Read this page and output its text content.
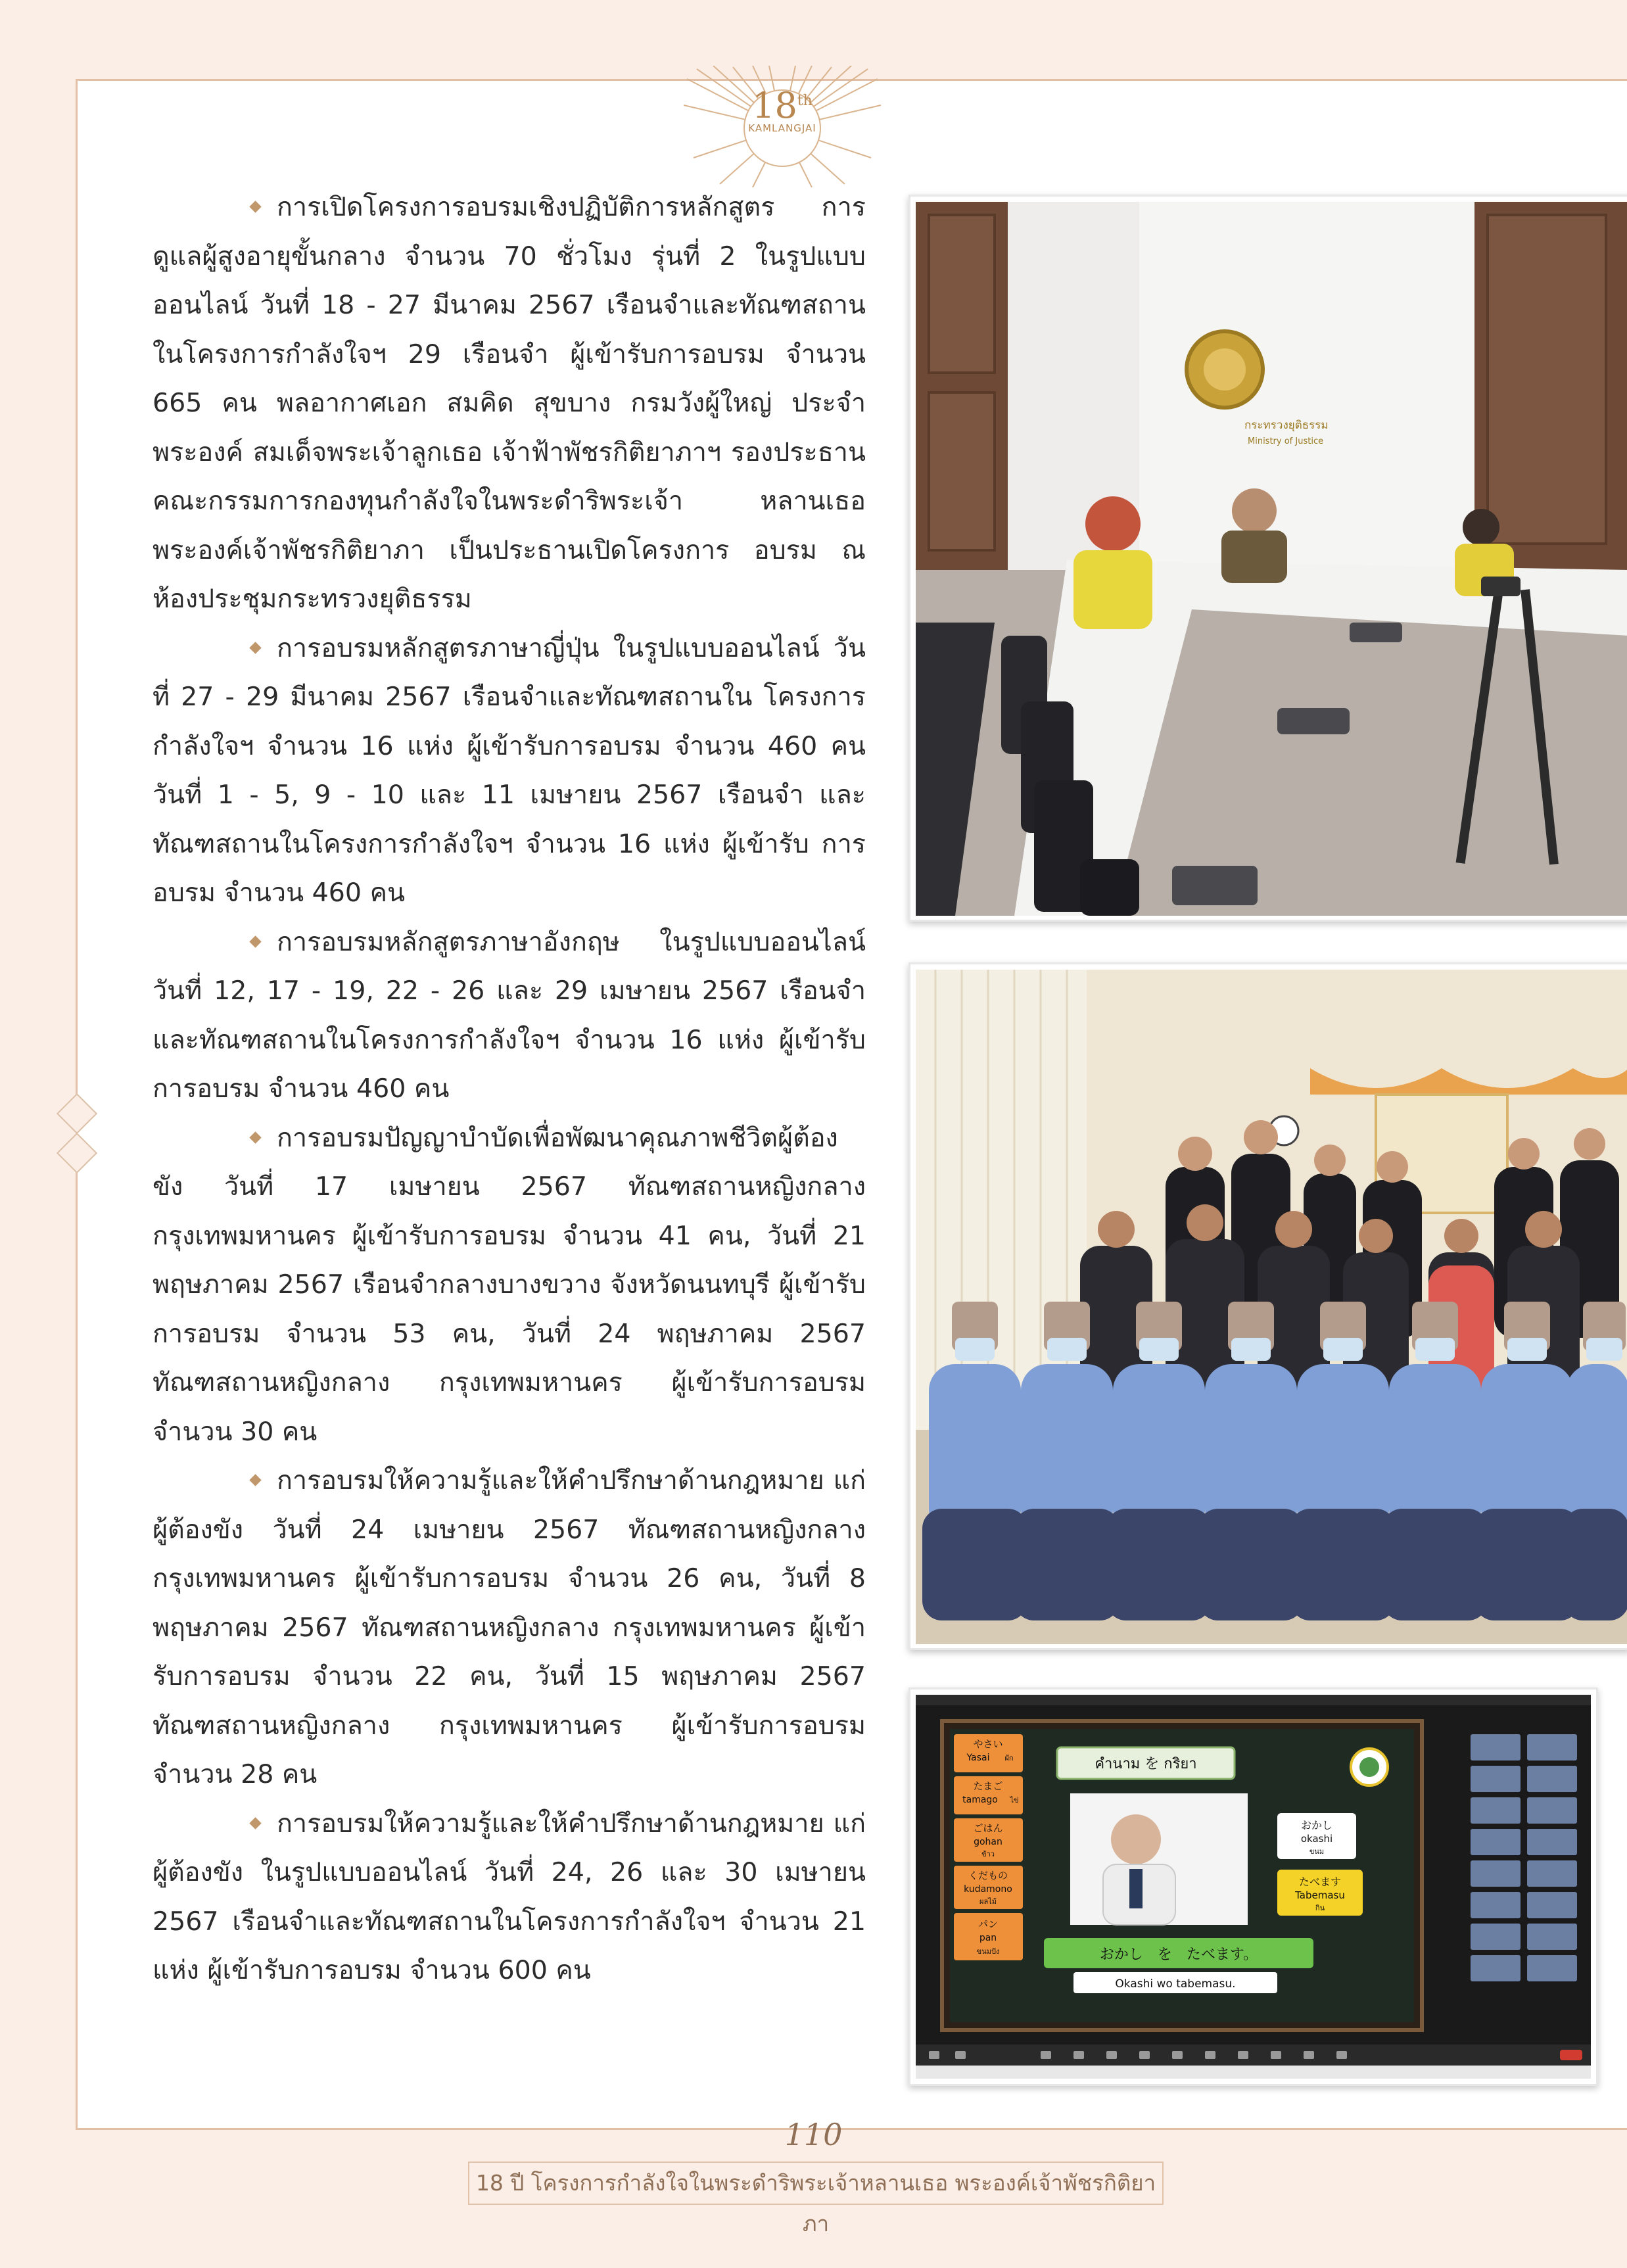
18th
KAMLANGJAI

การเปิดโครงการอบรมเชิงปฏิบัติการหลักสูตร การดูแลผู้สูงอายุขั้นกลาง จำนวน 70 ชั่วโมง รุ่นที่ 2 ในรูปแบบ ออนไลน์ วันที่ 18 - 27 มีนาคม 2567 เรือนจำและทัณฑสถาน ในโครงการกำลังใจฯ 29 เรือนจำ ผู้เข้ารับการอบรม จำนวน 665 คน พลอากาศเอก สมคิด สุขบาง กรมวังผู้ใหญ่ ประจำพระองค์ สมเด็จพระเจ้าลูกเธอ เจ้าฟ้าพัชรกิติยาภาฯ รองประธานคณะกรรมการกองทุนกำลังใจในพระดำริพระเจ้า หลานเธอ พระองค์เจ้าพัชรกิติยาภา เป็นประธานเปิดโครงการ อบรม ณ ห้องประชุมกระทรวงยุติธรรม

การอบรมหลักสูตรภาษาญี่ปุ่น ในรูปแบบออนไลน์ วันที่ 27 - 29 มีนาคม 2567 เรือนจำและทัณฑสถานใน โครงการกำลังใจฯ จำนวน 16 แห่ง ผู้เข้ารับการอบรม จำนวน 460 คน วันที่ 1 - 5, 9 - 10 และ 11 เมษายน 2567 เรือนจำ และทัณฑสถานในโครงการกำลังใจฯ จำนวน 16 แห่ง ผู้เข้ารับ การอบรม จำนวน 460 คน

การอบรมหลักสูตรภาษาอังกฤษ ในรูปแบบออนไลน์ วันที่ 12, 17 - 19, 22 - 26 และ 29 เมษายน 2567 เรือนจำ และทัณฑสถานในโครงการกำลังใจฯ จำนวน 16 แห่ง ผู้เข้ารับ การอบรม จำนวน 460 คน

การอบรมปัญญาบำบัดเพื่อพัฒนาคุณภาพชีวิตผู้ต้องขัง วันที่ 17 เมษายน 2567 ทัณฑสถานหญิงกลาง กรุงเทพมหานคร ผู้เข้ารับการอบรม จำนวน 41 คน, วันที่ 21 พฤษภาคม 2567 เรือนจำกลางบางขวาง จังหวัดนนทบุรี ผู้เข้ารับการอบรม จำนวน 53 คน, วันที่ 24 พฤษภาคม 2567 ทัณฑสถานหญิงกลาง กรุงเทพมหานคร ผู้เข้ารับการอบรม จำนวน 30 คน

การอบรมให้ความรู้และให้คำปรึกษาด้านกฎหมาย แก่ผู้ต้องขัง วันที่ 24 เมษายน 2567 ทัณฑสถานหญิงกลาง กรุงเทพมหานคร ผู้เข้ารับการอบรม จำนวน 26 คน, วันที่ 8 พฤษภาคม 2567 ทัณฑสถานหญิงกลาง กรุงเทพมหานคร ผู้เข้ารับการอบรม จำนวน 22 คน, วันที่ 15 พฤษภาคม 2567 ทัณฑสถานหญิงกลาง กรุงเทพมหานคร ผู้เข้ารับการอบรม จำนวน 28 คน

การอบรมให้ความรู้และให้คำปรึกษาด้านกฎหมาย แก่ผู้ต้องขัง ในรูปแบบออนไลน์ วันที่ 24, 26 และ 30 เมษายน 2567 เรือนจำและทัณฑสถานในโครงการกำลังใจฯ จำนวน 21 แห่ง ผู้เข้ารับการอบรม จำนวน 600 คน

กระทรวงยุติธรรม
Ministry of Justice
やさい
Yasai ผัก
たまご
tamago ไข่
ごはん
gohan
ข้าว
くだもの
kudamono
ผลไม้
パン
pan
ขนมปัง
คำนาม を กริยา
おかし
okashi
ขนม
たべます
Tabemasu
กิน
おかし　を　たべます。
Okashi wo tabemasu.
110
18 ปี โครงการกำลังใจในพระดำริพระเจ้าหลานเธอ พระองค์เจ้าพัชรกิติยาภา
